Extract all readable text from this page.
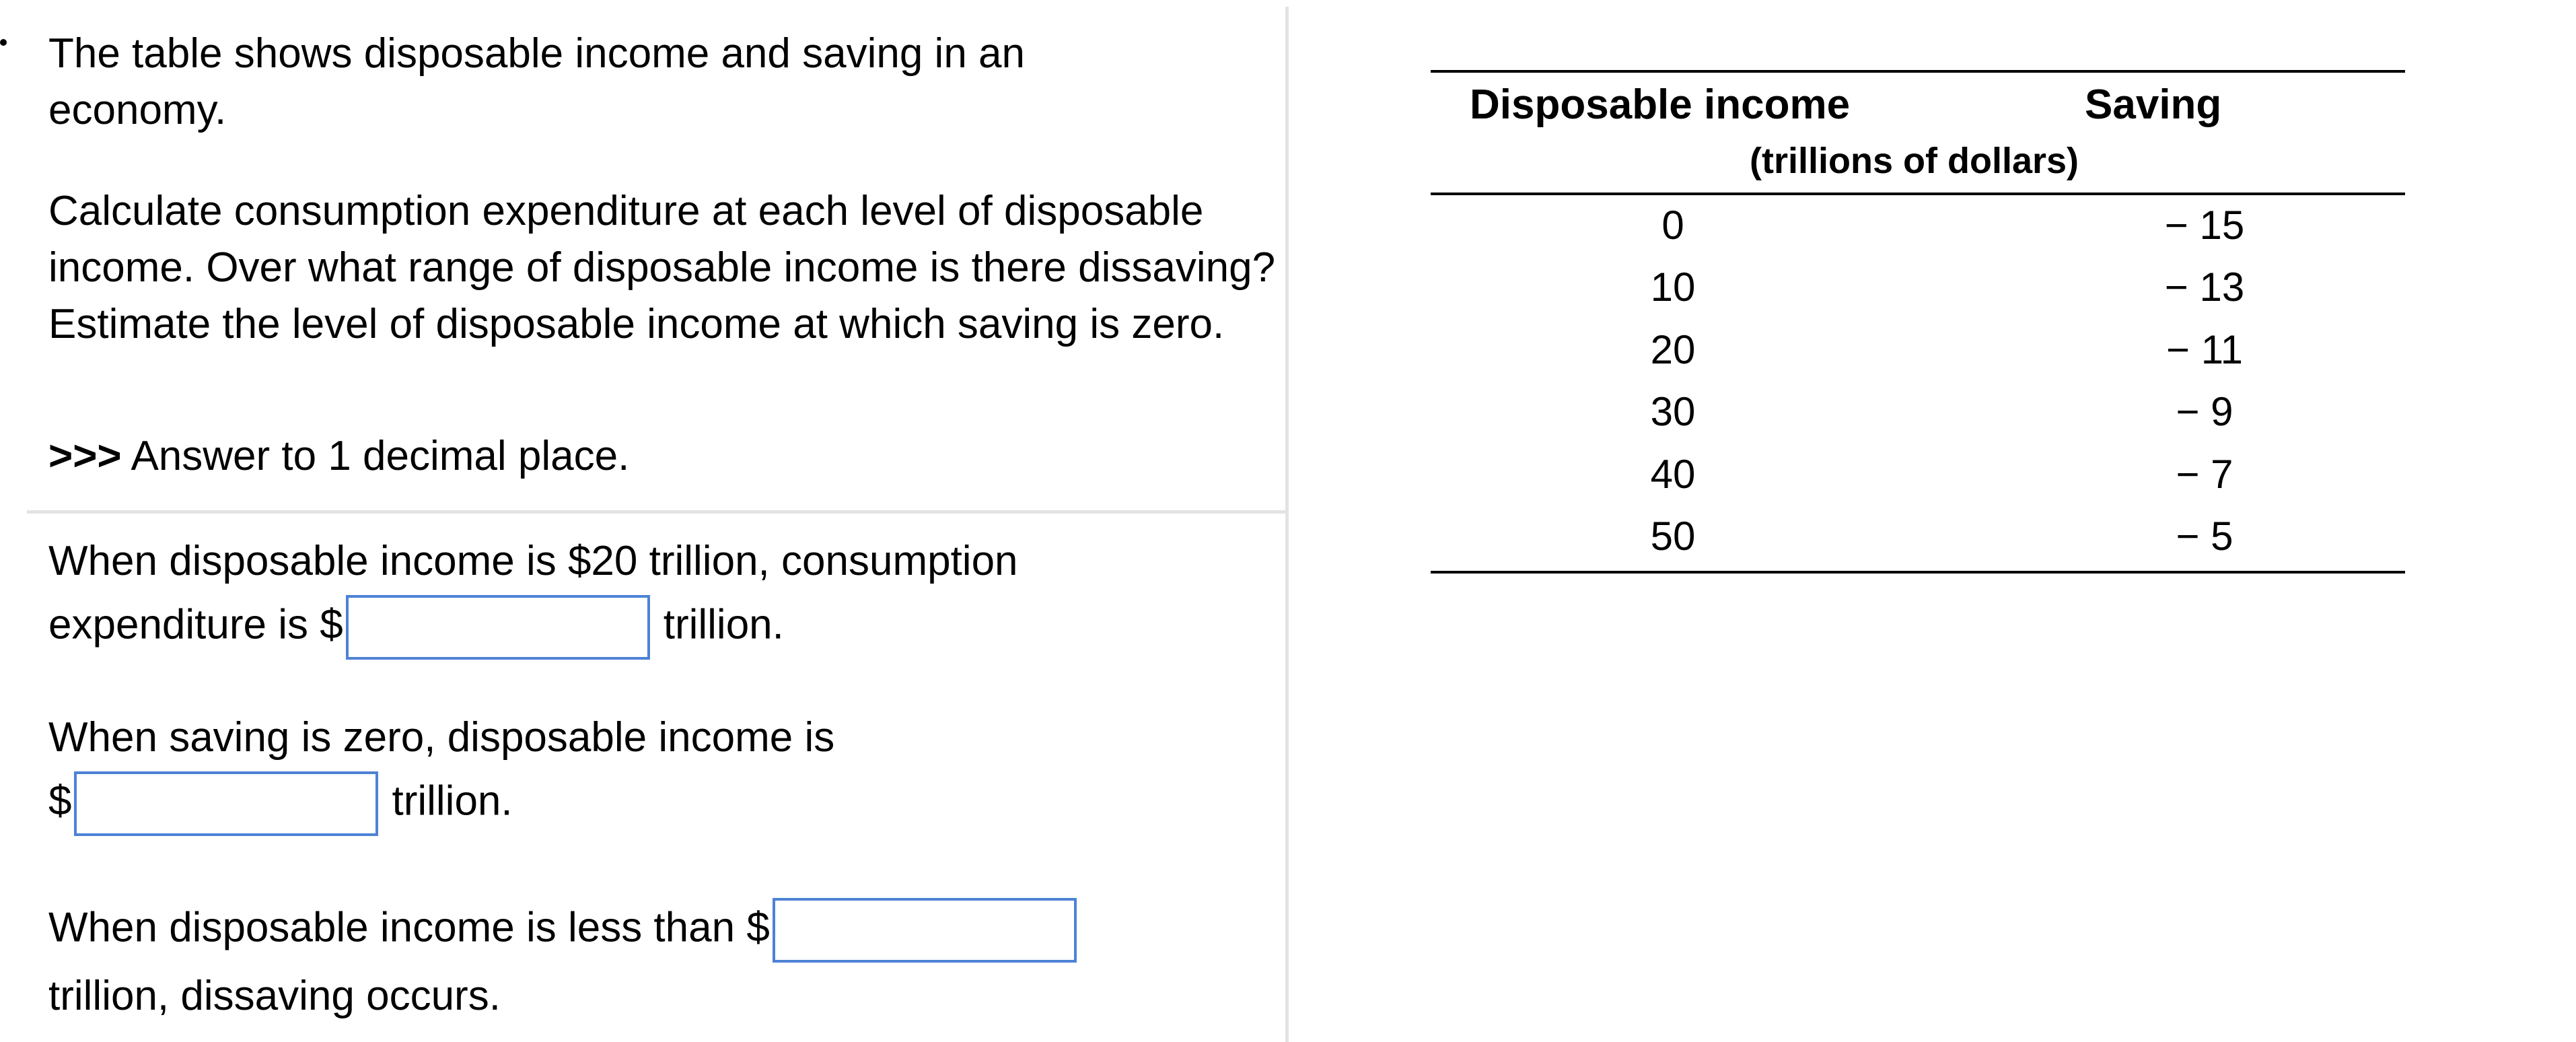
The table shows disposable income and saving in an economy.

Calculate consumption expenditure at each level of disposable income. Over what range of disposable income is there dissaving? Estimate the level of disposable income at which saving is zero.

>>> Answer to 1 decimal place.
When disposable income is $20 trillion, consumption
expenditure is $	trillion.
When saving is zero, disposable income is
$	trillion.
When disposable income is less than $
trillion, dissaving occurs.
Disposable income	Saving
(trillions of dollars)
0	− 15
10	− 13
20	− 11
30	− 9
40	− 7
50	− 5
